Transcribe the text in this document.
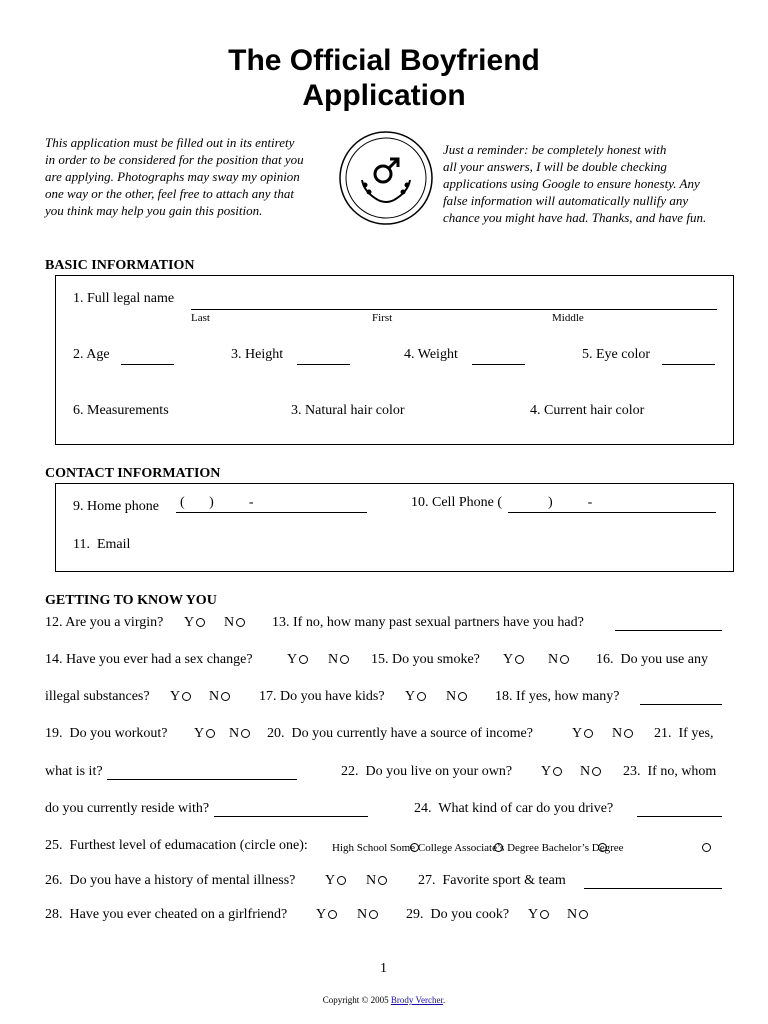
The Official Boyfriend
Application
This application must be filled out in its entirety
in order to be considered for the position that you
are applying. Photographs may sway my opinion
one way or the other, feel free to attach any that
you think may help you gain this position.
Just a reminder: be completely honest with
all your answers, I will be double checking
applications using Google to ensure honesty. Any
false information will automatically nullify any
chance you might have had. Thanks, and have fun.
BASIC INFORMATION
1. Full legal name
Last	First	Middle
2. Age	3. Height	4. Weight	5. Eye color
6. Measurements	3. Natural hair color	4. Current hair color
CONTACT INFORMATION
9. Home phone (       )          -	10. Cell Phone (	)          -
11.  Email
GETTING TO KNOW YOU
12. Are you a virgin? Y	N	13. If no, how many past sexual partners have you had?
14. Have you ever had a sex change? Y	N	15. Do you smoke? Y	N	16.  Do you use any
illegal substances? Y	N	17. Do you have kids? Y	N	18. If yes, how many?
19.  Do you workout? Y	N	20.  Do you currently have a source of income?	Y	N	21.  If yes,
what is it?	22.  Do you live on your own? Y	N	23.  If no, whom
do you currently reside with?	24.  What kind of car do you drive?
25.  Furthest level of edumacation (circle one): High School Some College Associate’s Degree Bachelor’s Degree
26.  Do you have a history of mental illness? Y	N	27.  Favorite sport & team
28.  Have you ever cheated on a girlfriend? Y	N	29.  Do you cook? Y	N
1
Copyright © 2005 Brody Vercher.
